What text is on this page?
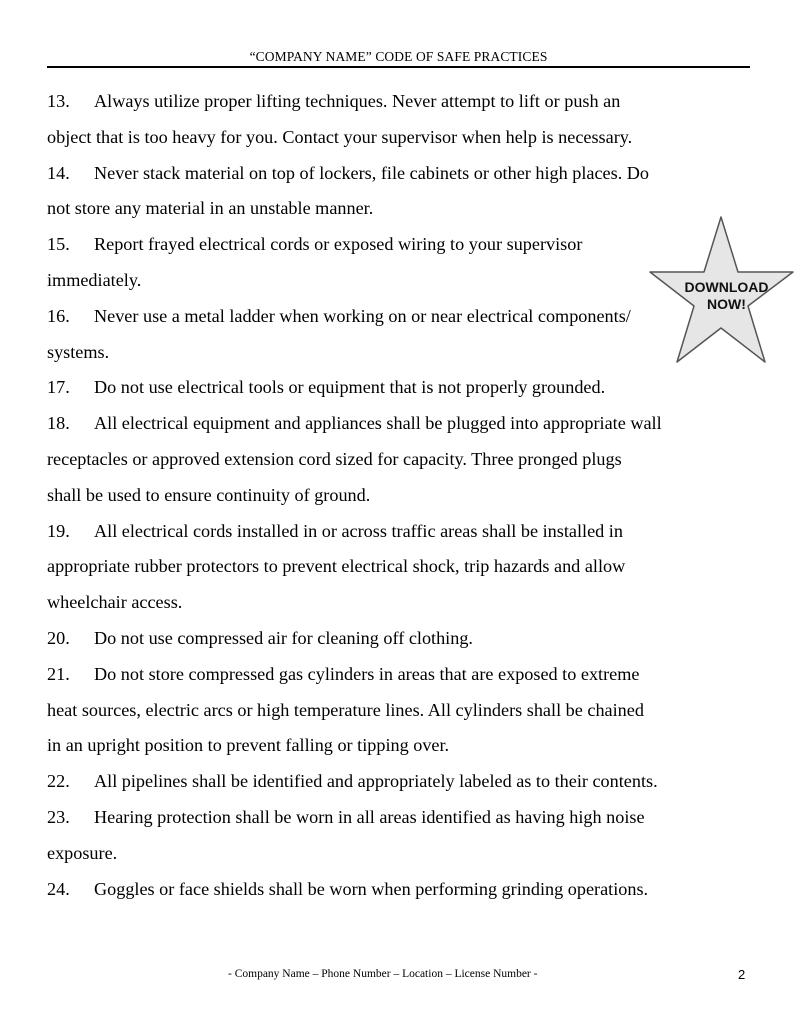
“COMPANY NAME” CODE OF SAFE PRACTICES
13. Always utilize proper lifting techniques. Never attempt to lift or push an
object that is too heavy for you. Contact your supervisor when help is necessary.
14. Never stack material on top of lockers, file cabinets or other high places. Do
not store any material in an unstable manner.
15. Report frayed electrical cords or exposed wiring to your supervisor
immediately.
16. Never use a metal ladder when working on or near electrical components/
systems.
17. Do not use electrical tools or equipment that is not properly grounded.
18. All electrical equipment and appliances shall be plugged into appropriate wall
receptacles or approved extension cord sized for capacity. Three pronged plugs
shall be used to ensure continuity of ground.
19. All electrical cords installed in or across traffic areas shall be installed in
appropriate rubber protectors to prevent electrical shock, trip hazards and allow
wheelchair access.
20. Do not use compressed air for cleaning off clothing.
21. Do not store compressed gas cylinders in areas that are exposed to extreme
heat sources, electric arcs or high temperature lines. All cylinders shall be chained
in an upright position to prevent falling or tipping over.
22. All pipelines shall be identified and appropriately labeled as to their contents.
23. Hearing protection shall be worn in all areas identified as having high noise
exposure.
24. Goggles or face shields shall be worn when performing grinding operations.
DOWNLOAD
NOW!
- Company Name – Phone Number – Location – License Number -	2
